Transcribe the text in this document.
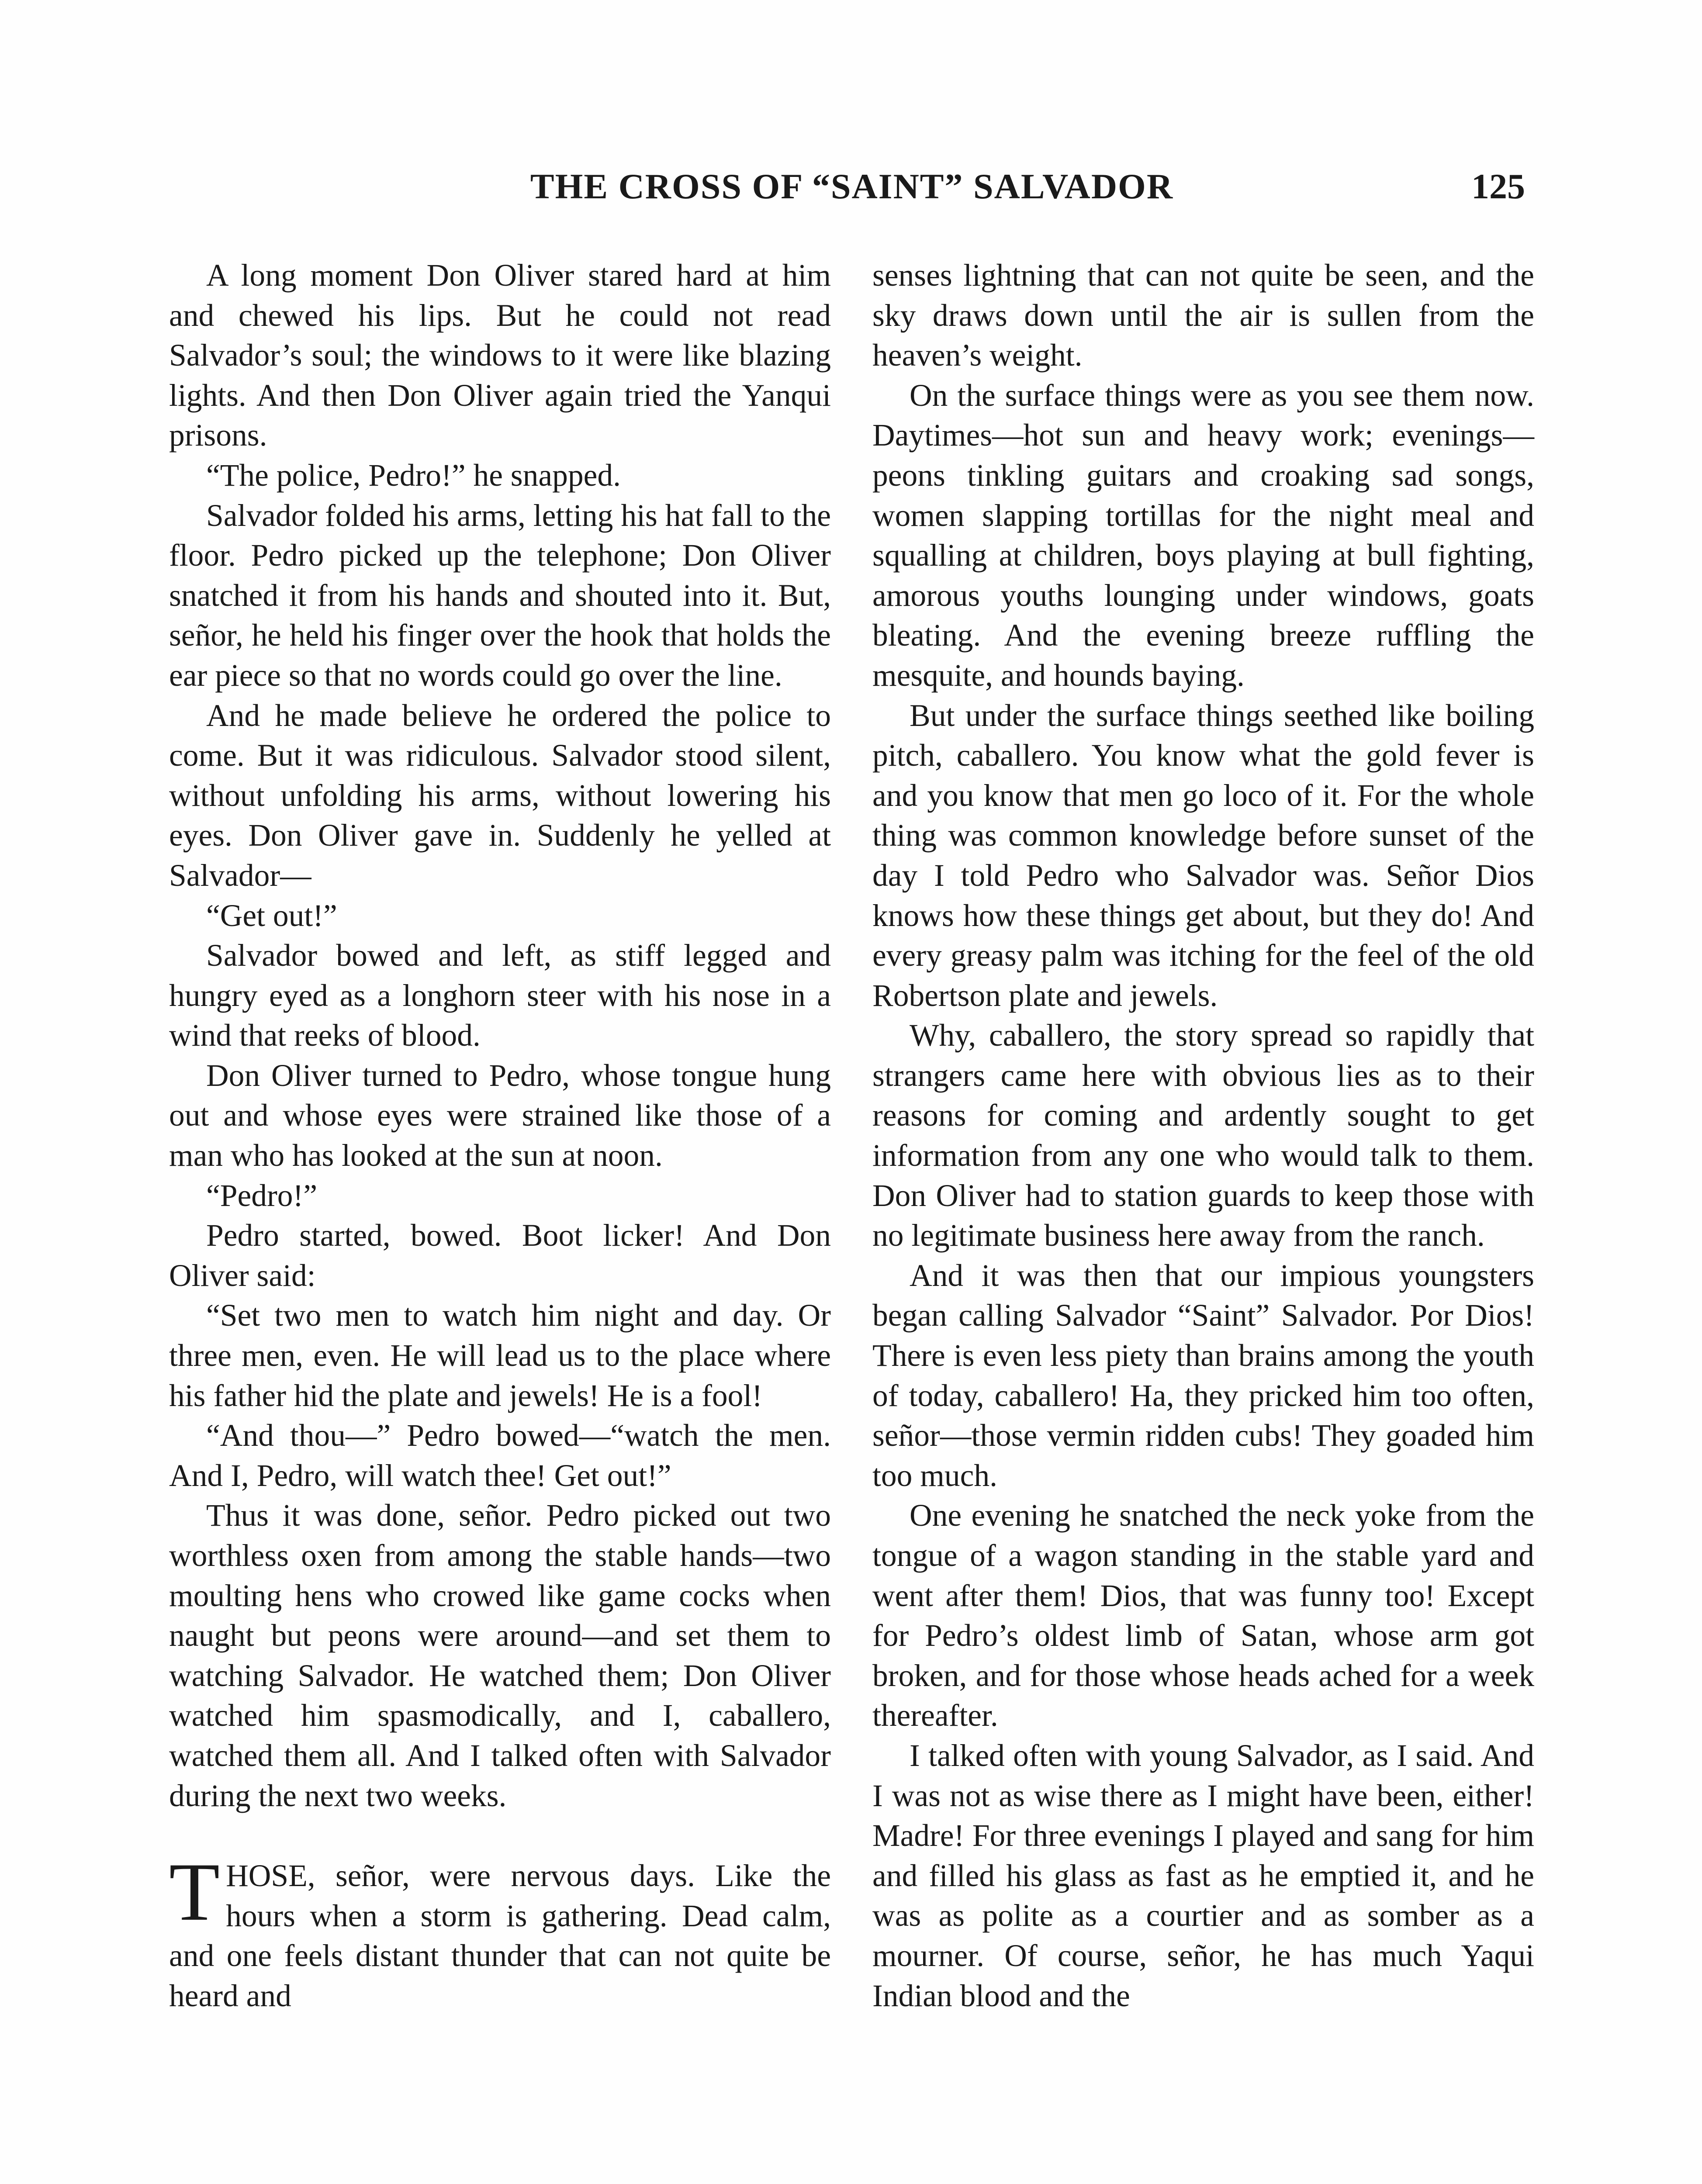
THE CROSS OF “SAINT” SALVADOR	125

A long moment Don Oliver stared hard at him and chewed his lips. But he could not read Salvador’s soul; the windows to it were like blazing lights. And then Don Oliver again tried the Yanqui prisons.

“The police, Pedro!” he snapped.

Salvador folded his arms, letting his hat fall to the floor. Pedro picked up the telephone; Don Oliver snatched it from his hands and shouted into it. But, señor, he held his finger over the hook that holds the ear piece so that no words could go over the line.

And he made believe he ordered the police to come. But it was ridiculous. Salvador stood silent, without unfolding his arms, without lowering his eyes. Don Oliver gave in. Suddenly he yelled at Salvador—

“Get out!”

Salvador bowed and left, as stiff legged and hungry eyed as a longhorn steer with his nose in a wind that reeks of blood.

Don Oliver turned to Pedro, whose tongue hung out and whose eyes were strained like those of a man who has looked at the sun at noon.

“Pedro!”

Pedro started, bowed. Boot licker! And Don Oliver said:

“Set two men to watch him night and day. Or three men, even. He will lead us to the place where his father hid the plate and jewels! He is a fool!

“And thou—” Pedro bowed—“watch the men. And I, Pedro, will watch thee! Get out!”

Thus it was done, señor. Pedro picked out two worthless oxen from among the stable hands—two moulting hens who crowed like game cocks when naught but peons were around—and set them to watching Salvador. He watched them; Don Oliver watched him spasmodically, and I, caballero, watched them all. And I talked often with Salvador during the next two weeks.

THOSE, señor, were nervous days. Like the hours when a storm is gathering. Dead calm, and one feels distant thunder that can not quite be heard and

senses lightning that can not quite be seen, and the sky draws down until the air is sullen from the heaven’s weight.

On the surface things were as you see them now. Daytimes—hot sun and heavy work; evenings—peons tinkling guitars and croaking sad songs, women slapping tortillas for the night meal and squalling at children, boys playing at bull fighting, amorous youths lounging under windows, goats bleating. And the evening breeze ruffling the mesquite, and hounds baying.

But under the surface things seethed like boiling pitch, caballero. You know what the gold fever is and you know that men go loco of it. For the whole thing was common knowledge before sunset of the day I told Pedro who Salvador was. Señor Dios knows how these things get about, but they do! And every greasy palm was itching for the feel of the old Robertson plate and jewels.

Why, caballero, the story spread so rapidly that strangers came here with obvious lies as to their reasons for coming and ardently sought to get information from any one who would talk to them. Don Oliver had to station guards to keep those with no legitimate business here away from the ranch.

And it was then that our impious youngsters began calling Salvador “Saint” Salvador. Por Dios! There is even less piety than brains among the youth of today, caballero! Ha, they pricked him too often, señor—those vermin ridden cubs! They goaded him too much.

One evening he snatched the neck yoke from the tongue of a wagon standing in the stable yard and went after them! Dios, that was funny too! Except for Pedro’s oldest limb of Satan, whose arm got broken, and for those whose heads ached for a week thereafter.

I talked often with young Salvador, as I said. And I was not as wise there as I might have been, either! Madre! For three evenings I played and sang for him and filled his glass as fast as he emptied it, and he was as polite as a courtier and as somber as a mourner. Of course, señor, he has much Yaqui Indian blood and the
